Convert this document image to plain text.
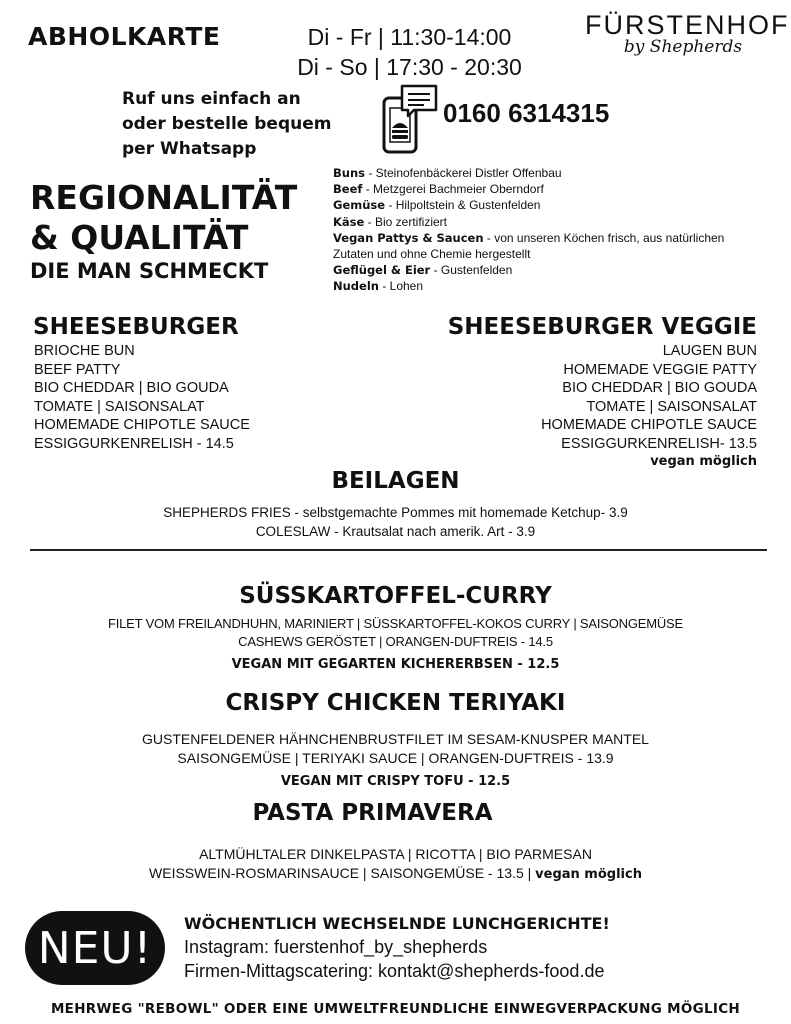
ABHOLKARTE	Di - Fr | 11:30-14:00
Di - So | 17:30 - 20:30
FÜRSTENHOF
by Shepherds
Ruf uns einfach an
oder bestelle bequem
per Whatsapp
0160 6314315
REGIONALITÄT
& QUALITÄT
DIE MAN SCHMECKT
Buns - Steinofenbäckerei Distler Offenbau
Beef - Metzgerei Bachmeier Oberndorf
Gemüse - Hilpoltstein & Gustenfelden
Käse - Bio zertifiziert
Vegan Pattys & Saucen - von unseren Köchen frisch, aus natürlichen Zutaten und ohne Chemie hergestellt
Geflügel & Eier - Gustenfelden
Nudeln - Lohen
SHEESEBURGER
BRIOCHE BUN
BEEF PATTY
BIO CHEDDAR | BIO GOUDA
TOMATE | SAISONSALAT
HOMEMADE CHIPOTLE SAUCE
ESSIGGURKENRELISH - 14.5
SHEESEBURGER VEGGIE
LAUGEN BUN
HOMEMADE VEGGIE PATTY
BIO CHEDDAR | BIO GOUDA
TOMATE | SAISONSALAT
HOMEMADE CHIPOTLE SAUCE
ESSIGGURKENRELISH- 13.5
vegan möglich
BEILAGEN
SHEPHERDS FRIES - selbstgemachte Pommes mit homemade Ketchup- 3.9
COLESLAW - Krautsalat nach amerik. Art - 3.9
SÜSSKARTOFFEL-CURRY
FILET VOM FREILANDHUHN, MARINIERT | SÜSSKARTOFFEL-KOKOS CURRY | SAISONGEMÜSE
CASHEWS GERÖSTET | ORANGEN-DUFTREIS - 14.5
VEGAN MIT GEGARTEN KICHERERBSEN - 12.5
CRISPY CHICKEN TERIYAKI
GUSTENFELDENER HÄHNCHENBRUSTFILET IM SESAM-KNUSPER MANTEL
SAISONGEMÜSE | TERIYAKI SAUCE | ORANGEN-DUFTREIS - 13.9
VEGAN MIT CRISPY TOFU - 12.5
PASTA PRIMAVERA
ALTMÜHLTALER DINKELPASTA | RICOTTA | BIO PARMESAN
WEISSWEIN-ROSMARINSAUCE | SAISONGEMÜSE - 13.5 | vegan möglich
NEU!	WÖCHENTLICH WECHSELNDE LUNCHGERICHTE!
Instagram: fuerstenhof_by_shepherds
Firmen-Mittagscatering: kontakt@shepherds-food.de
MEHRWEG "REBOWL" ODER EINE UMWELTFREUNDLICHE EINWEGVERPACKUNG MÖGLICH
